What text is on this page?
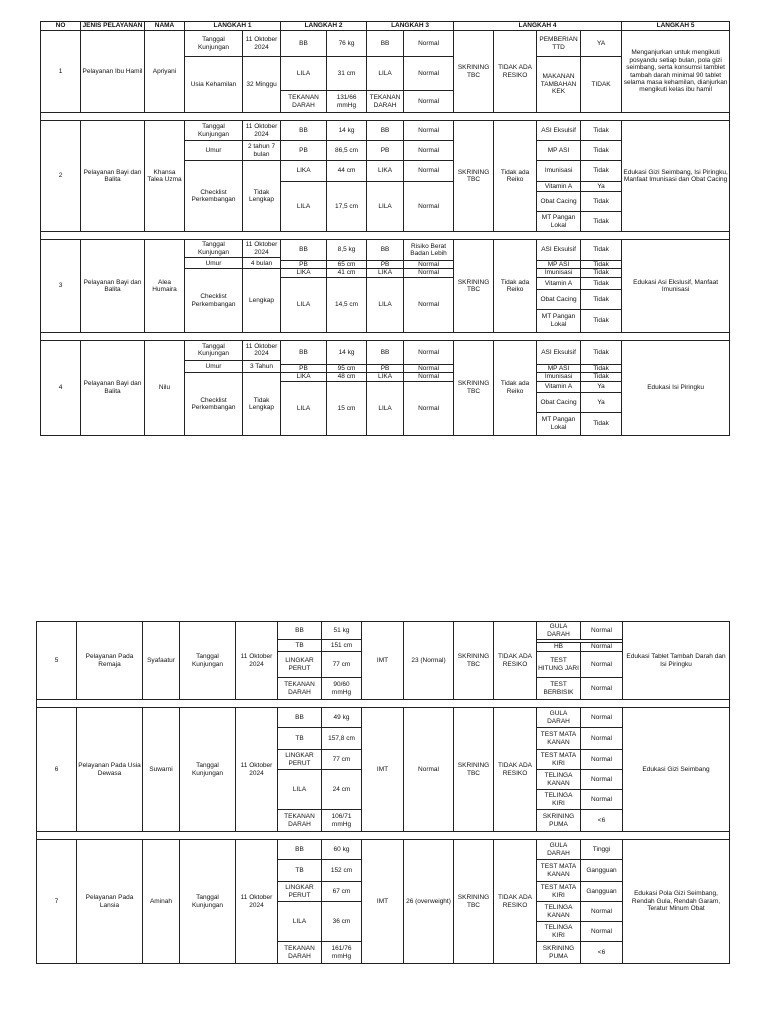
NO	JENIS PELAYANAN	NAMA	LANGKAH 1		LANGKAH 2		LANGKAH 3		LANGKAH 4				LANGKAH 5
1	Pelayanan Ibu Hamil	Apriyani	Tanggal Kunjungan	11 Oktober 2024	BB	76 kg	BB	Normal	SKRINING TBC	TIDAK ADA RESIKO	PEMBERIAN TTD	YA	Menganjurkan untuk mengikuti posyandu setiap bulan, pola gizi seimbang, serta konsumsi tamblet tambah darah minimal 90 tablet selama masa kehamilan, dianjurkan mengikuti kelas ibu hamil
			Usia Kehamilan	32 Minggu	LILA	31 cm	LILA	Normal			MAKANAN TAMBAHAN KEK	TIDAK	
					TEKANAN DARAH	131/66 mmHg	TEKANAN DARAH	Normal					

2	Pelayanan Bayi dan Balita	Khansa Talea Uzma	Tanggal Kunjungan	11 Oktober 2024	BB	14 kg	BB	Normal	SKRINING TBC	Tidak ada Reiko	ASI Eksulsif	Tidak	Edukasi Gizi Seimbang, Isi Piringku, Manfaat Imunisasi dan Obat Cacing
			Umur	2 tahun 7 bulan	PB	86,5 cm	PB	Normal			MP ASI	Tidak	
			Checklist Perkembangan	Tidak Lengkap	LIKA	44 cm	LIKA	Normal			Imunisasi	Tidak	
					LILA	17,5 cm	LILA	Normal			Vitamin A	Ya	
											Obat Cacing	Tidak	
											MT Pangan Lokal	Tidak	

3	Pelayanan Bayi dan Balita	Alea Humaira	Tanggal Kunjungan	11 Oktober 2024	BB	8,5 kg	BB	Risiko Berat Badan Lebih	SKRINING TBC	Tidak ada Reiko	ASI Eksulsif	Tidak	Edukasi Asi Ekslusif, Manfaat Imunisasi
			Umur	4 bulan									
					PB	65 cm	PB	Normal			MP ASI	Tidak	
			Checklist Perkembangan	Lengkap	LIKA	41 cm	LIKA	Normal			Imunisasi	Tidak	
					LILA	14,5 cm	LILA	Normal			Vitamin A	Tidak	
											Obat Cacing	Tidak	
											MT Pangan Lokal	Tidak	

4	Pelayanan Bayi dan Balita	Nilu	Tanggal Kunjungan	11 Oktober 2024	BB	14 kg	BB	Normal	SKRINING TBC	Tidak ada Reiko	ASI Eksulsif	Tidak	Edukasi Isi Piringku
			Umur	3 Tahun									
					PB	95 cm	PB	Normal			MP ASI	Tidak	
			Checklist Perkembangan	Tidak Lengkap	LIKA	48 cm	LIKA	Normal			Imunisasi	Tidak	
					LILA	15 cm	LILA	Normal			Vitamin A	Ya	
											Obat Cacing	Ya	
											MT Pangan Lokal	Tidak	
5	Pelayanan Pada Remaja	Syafaatur	Tanggal Kunjungan	11 Oktober 2024	BB	51 kg	IMT	23 (Normal)	SKRINING TBC	TIDAK ADA RESIKO	GULA DARAH	Normal	Edukasi Tablet Tambah Darah dan Isi Piringku
					TB	151 cm						
											HB	Normal	
					LINGKAR PERUT	77 cm					TEST HITUNG JARI	Normal	
					TEKANAN DARAH	90/60 mmHg					TEST BERBISIK	Normal	

6	Pelayanan Pada Usia Dewasa	Suwarni	Tanggal Kunjungan	11 Oktober 2024	BB	49 kg	IMT	Normal	SKRINING TBC	TIDAK ADA RESIKO	GULA DARAH	Normal	Edukasi Gizi Seimbang
					TB	157,8 cm					TEST MATA KANAN	Normal	
					LINGKAR PERUT	77 cm					TEST MATA KIRI	Normal	
					LILA	24 cm					TELINGA KANAN	Normal	
											TELINGA KIRI	Normal	
					TEKANAN DARAH	106/71 mmHg					SKRINING PUMA	<6	

7	Pelayanan Pada Lansia	Aminah	Tanggal Kunjungan	11 Oktober 2024	BB	60 kg	IMT	26 (overweight)	SKRINING TBC	TIDAK ADA RESIKO	GULA DARAH	Tinggi	Edukasi Pola Gizi Seimbang, Rendah Gula, Rendah Garam, Teratur Minum Obat
					TB	152 cm					TEST MATA KANAN	Gangguan	
					LINGKAR PERUT	67 cm					TEST MATA KIRI	Gangguan	
					LILA	36 cm					TELINGA KANAN	Normal	
											TELINGA KIRI	Normal	
					TEKANAN DARAH	161/76 mmHg					SKRINING PUMA	<6	
